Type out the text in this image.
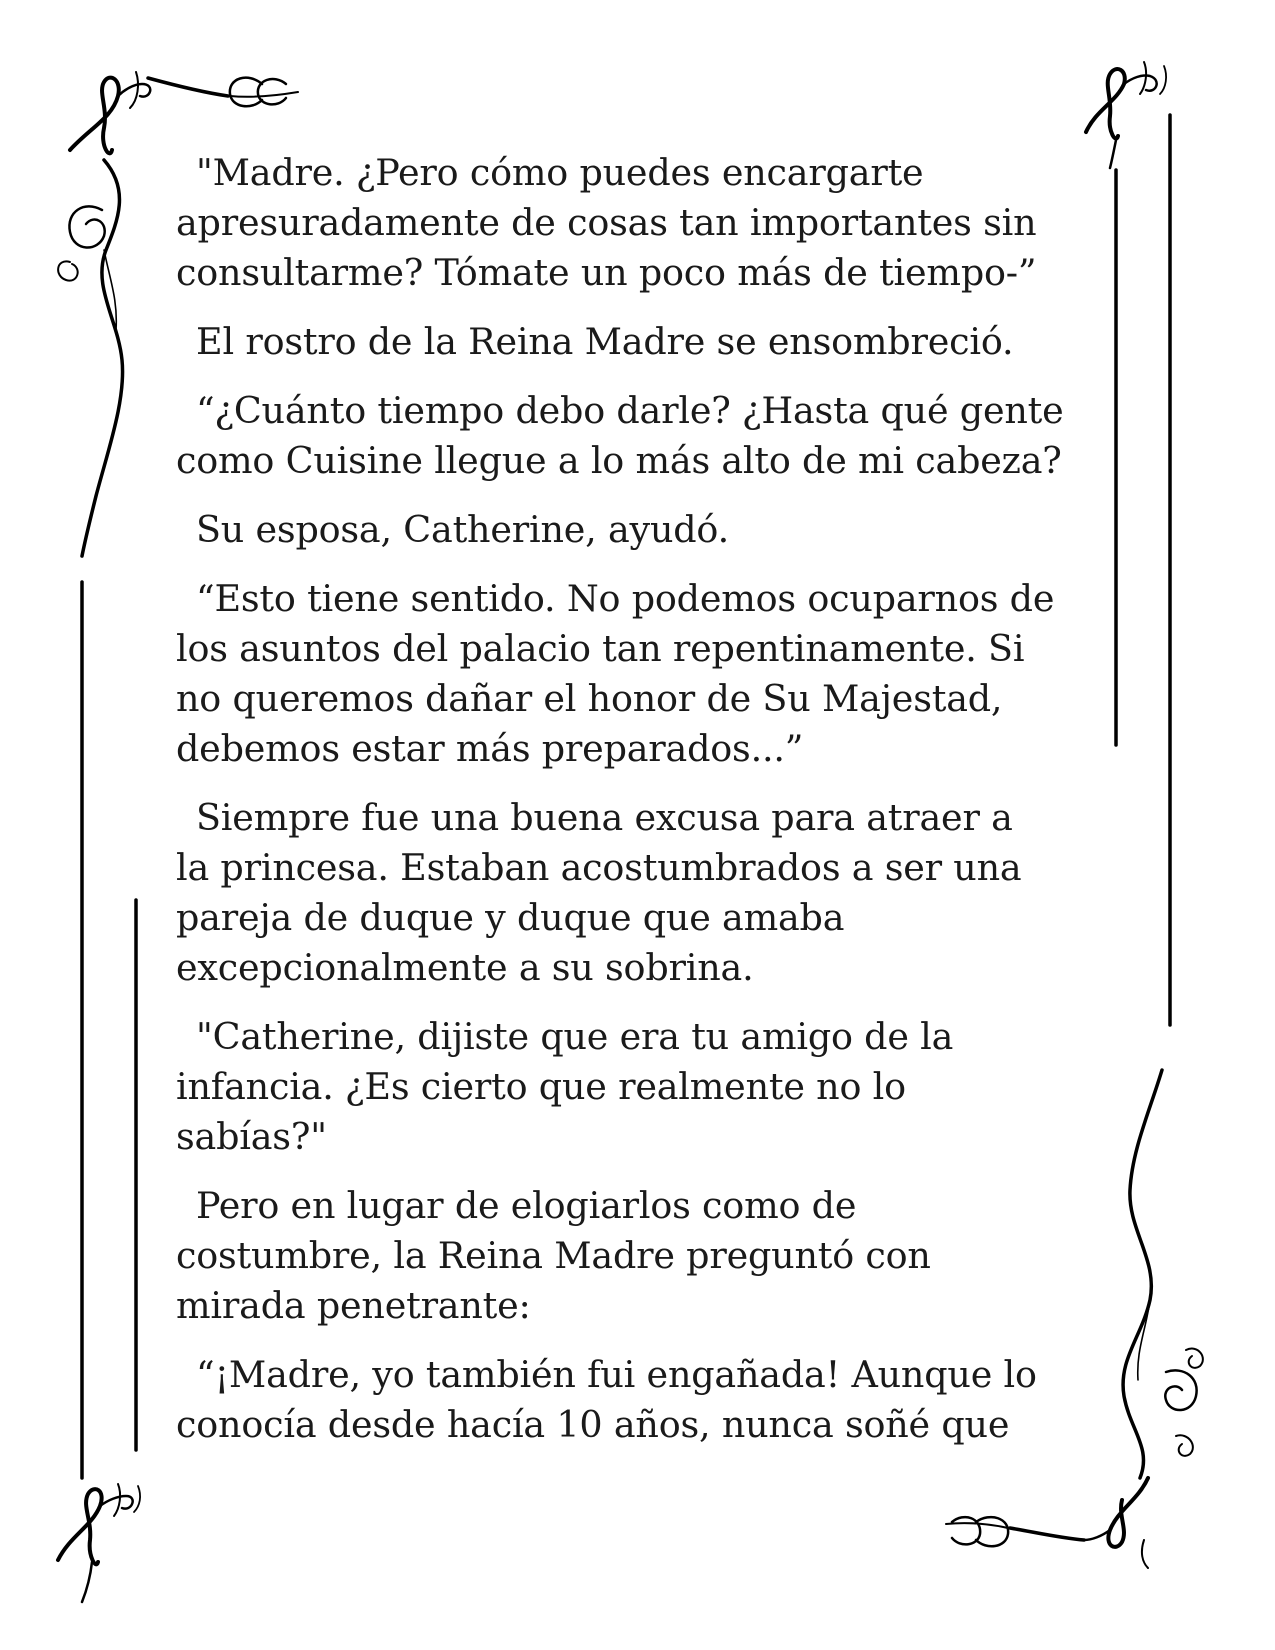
"Madre. ¿Pero cómo puedes encargarte
apresuradamente de cosas tan importantes sin
consultarme? Tómate un poco más de tiempo-”

El rostro de la Reina Madre se ensombreció.

“¿Cuánto tiempo debo darle? ¿Hasta qué gente
como Cuisine llegue a lo más alto de mi cabeza?

Su esposa, Catherine, ayudó.

“Esto tiene sentido. No podemos ocuparnos de
los asuntos del palacio tan repentinamente. Si
no queremos dañar el honor de Su Majestad,
debemos estar más preparados...”

Siempre fue una buena excusa para atraer a
la princesa. Estaban acostumbrados a ser una
pareja de duque y duque que amaba
excepcionalmente a su sobrina.

"Catherine, dijiste que era tu amigo de la
infancia. ¿Es cierto que realmente no lo
sabías?"

Pero en lugar de elogiarlos como de
costumbre, la Reina Madre preguntó con
mirada penetrante:

“¡Madre, yo también fui engañada! Aunque lo
conocía desde hacía 10 años, nunca soñé que
